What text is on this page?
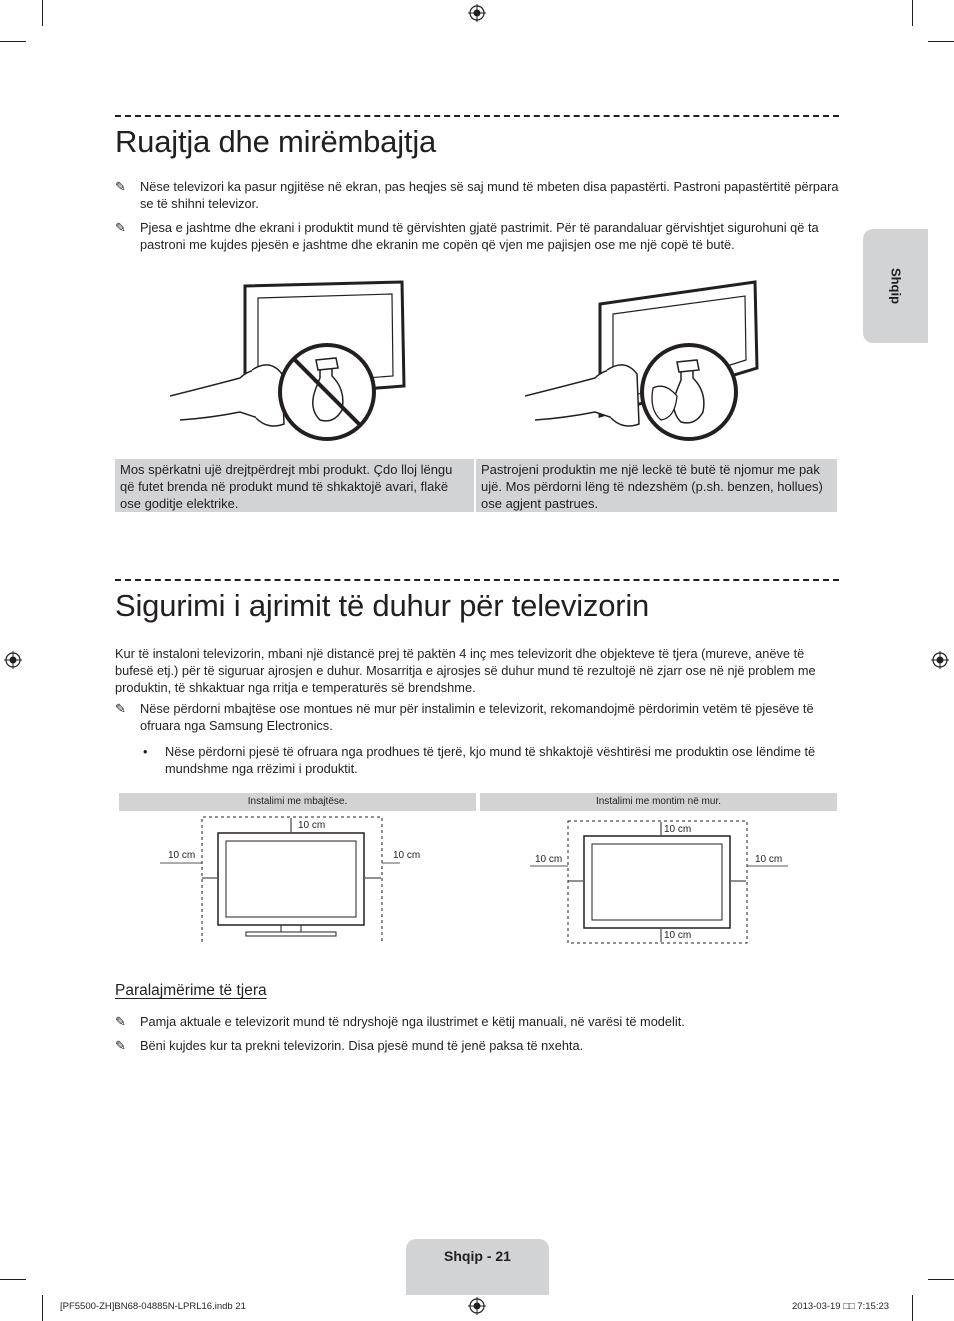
Shqip
Ruajtja dhe mirëmbajtja
✎	Nëse televizori ka pasur ngjitëse në ekran, pas heqjes së saj mund të mbeten disa papastërti. Pastroni papastërtitë përpara se të shihni televizor.
✎	Pjesa e jashtme dhe ekrani i produktit mund të gërvishten gjatë pastrimit. Për të parandaluar gërvishtjet sigurohuni që ta pastroni me kujdes pjesën e jashtme dhe ekranin me copën që vjen me pajisjen ose me një copë të butë.
Mos spërkatni ujë drejtpërdrejt mbi produkt. Çdo lloj lëngu që futet brenda në produkt mund të shkaktojë avari, flakë ose goditje elektrike.
Pastrojeni produktin me një leckë të butë të njomur me pak ujë. Mos përdorni lëng të ndezshëm (p.sh. benzen, hollues) ose agjent pastrues.
Sigurimi i ajrimit të duhur për televizorin
Kur të instaloni televizorin, mbani një distancë prej të paktën 4 inç mes televizorit dhe objekteve të tjera (mureve, anëve të bufesë etj.) për të siguruar ajrosjen e duhur. Mosarritja e ajrosjes së duhur mund të rezultojë në zjarr ose në një problem me produktin, të shkaktuar nga rritja e temperaturës së brendshme.
✎	Nëse përdorni mbajtëse ose montues në mur për instalimin e televizorit, rekomandojmë përdorimin vetëm të pjesëve të ofruara nga Samsung Electronics.
• Nëse përdorni pjesë të ofruara nga prodhues të tjerë, kjo mund të shkaktojë vështirësi me produktin ose lëndime të mundshme nga rrëzimi i produktit.
Instalimi me mbajtëse.	Instalimi me montim në mur.
10 cm
10 cm	10 cm
10 cm
10 cm	10 cm
10 cm
Paralajmërime të tjera
✎	Pamja aktuale e televizorit mund të ndryshojë nga ilustrimet e këtij manuali, në varësi të modelit.
✎	Bëni kujdes kur ta prekni televizorin. Disa pjesë mund të jenë paksa të nxehta.
Shqip - 21
[PF5500-ZH]BN68-04885N-LPRL16.indb 21	2013-03-19 □□ 7:15:23
